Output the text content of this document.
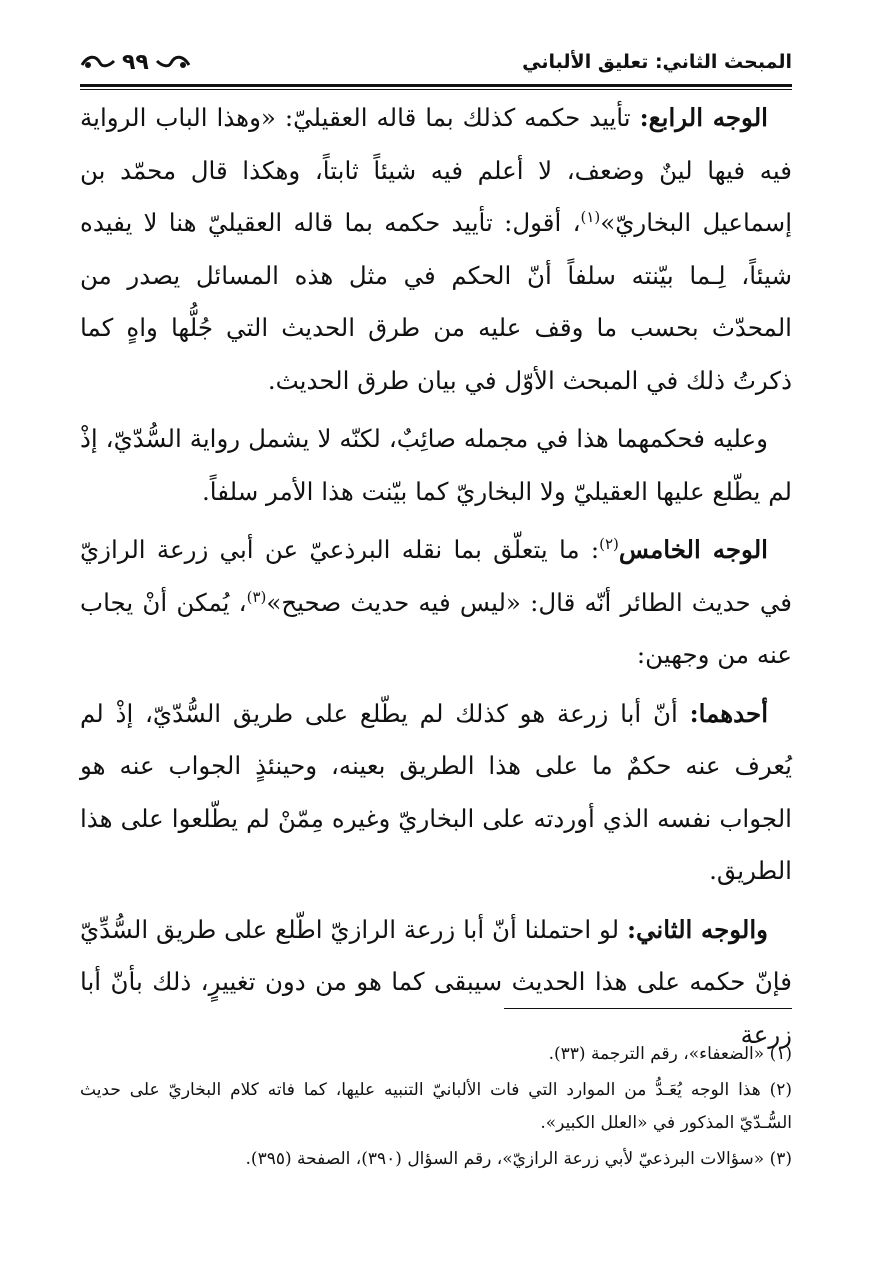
المبحث الثاني: تعليق الألباني
٩٩

الوجه الرابع: تأييد حكمه كذلك بما قاله العقيليّ: «وهذا الباب الرواية فيه فيها لينٌ وضعف، لا أعلم فيه شيئاً ثابتاً، وهكذا قال محمّد بن إسماعيل البخاريّ»$^{(١)}$، أقول: تأييد حكمه بما قاله العقيليّ هنا لا يفيده شيئاً، لِـما بيّنته سلفاً أنّ الحكم في مثل هذه المسائل يصدر من المحدّث بحسب ما وقف عليه من طرق الحديث التي جُلُّها واهٍ كما ذكرتُ ذلك في المبحث الأوّل في بيان طرق الحديث.

وعليه فحكمهما هذا في مجمله صائِبٌ، لكنّه لا يشمل رواية السُّدّيّ، إذْ لم يطّلع عليها العقيليّ ولا البخاريّ كما بيّنت هذا الأمر سلفاً.

الوجه الخامس$^{(٢)}$: ما يتعلّق بما نقله البرذعيّ عن أبي زرعة الرازيّ في حديث الطائر أنّه قال: «ليس فيه حديث صحيح»$^{(٣)}$، يُمكن أنْ يجاب عنه من وجهين:

أحدهما: أنّ أبا زرعة هو كذلك لم يطّلع على طريق السُّدّيّ، إذْ لم يُعرف عنه حكمٌ ما على هذا الطريق بعينه، وحينئذٍ الجواب عنه هو الجواب نفسه الذي أوردته على البخاريّ وغيره مِمّنْ لم يطّلعوا على هذا الطريق.

والوجه الثاني: لو احتملنا أنّ أبا زرعة الرازيّ اطّلع على طريق السُّدِّيّ فإنّ حكمه على هذا الحديث سيبقى كما هو من دون تغييرٍ، ذلك بأنّ أبا زرعة

(١) «الضعفاء»، رقم الترجمة (٣٣).

(٢) هذا الوجه يُعَـدُّ من الموارد التي فات الألبانيّ التنبيه عليها، كما فاته كلام البخاريّ على حديث السُّـدّيّ المذكور في «العلل الكبير».

(٣) «سؤالات البرذعيّ لأبي زرعة الرازيّ»، رقم السؤال (٣٩٠)، الصفحة (٣٩٥).
